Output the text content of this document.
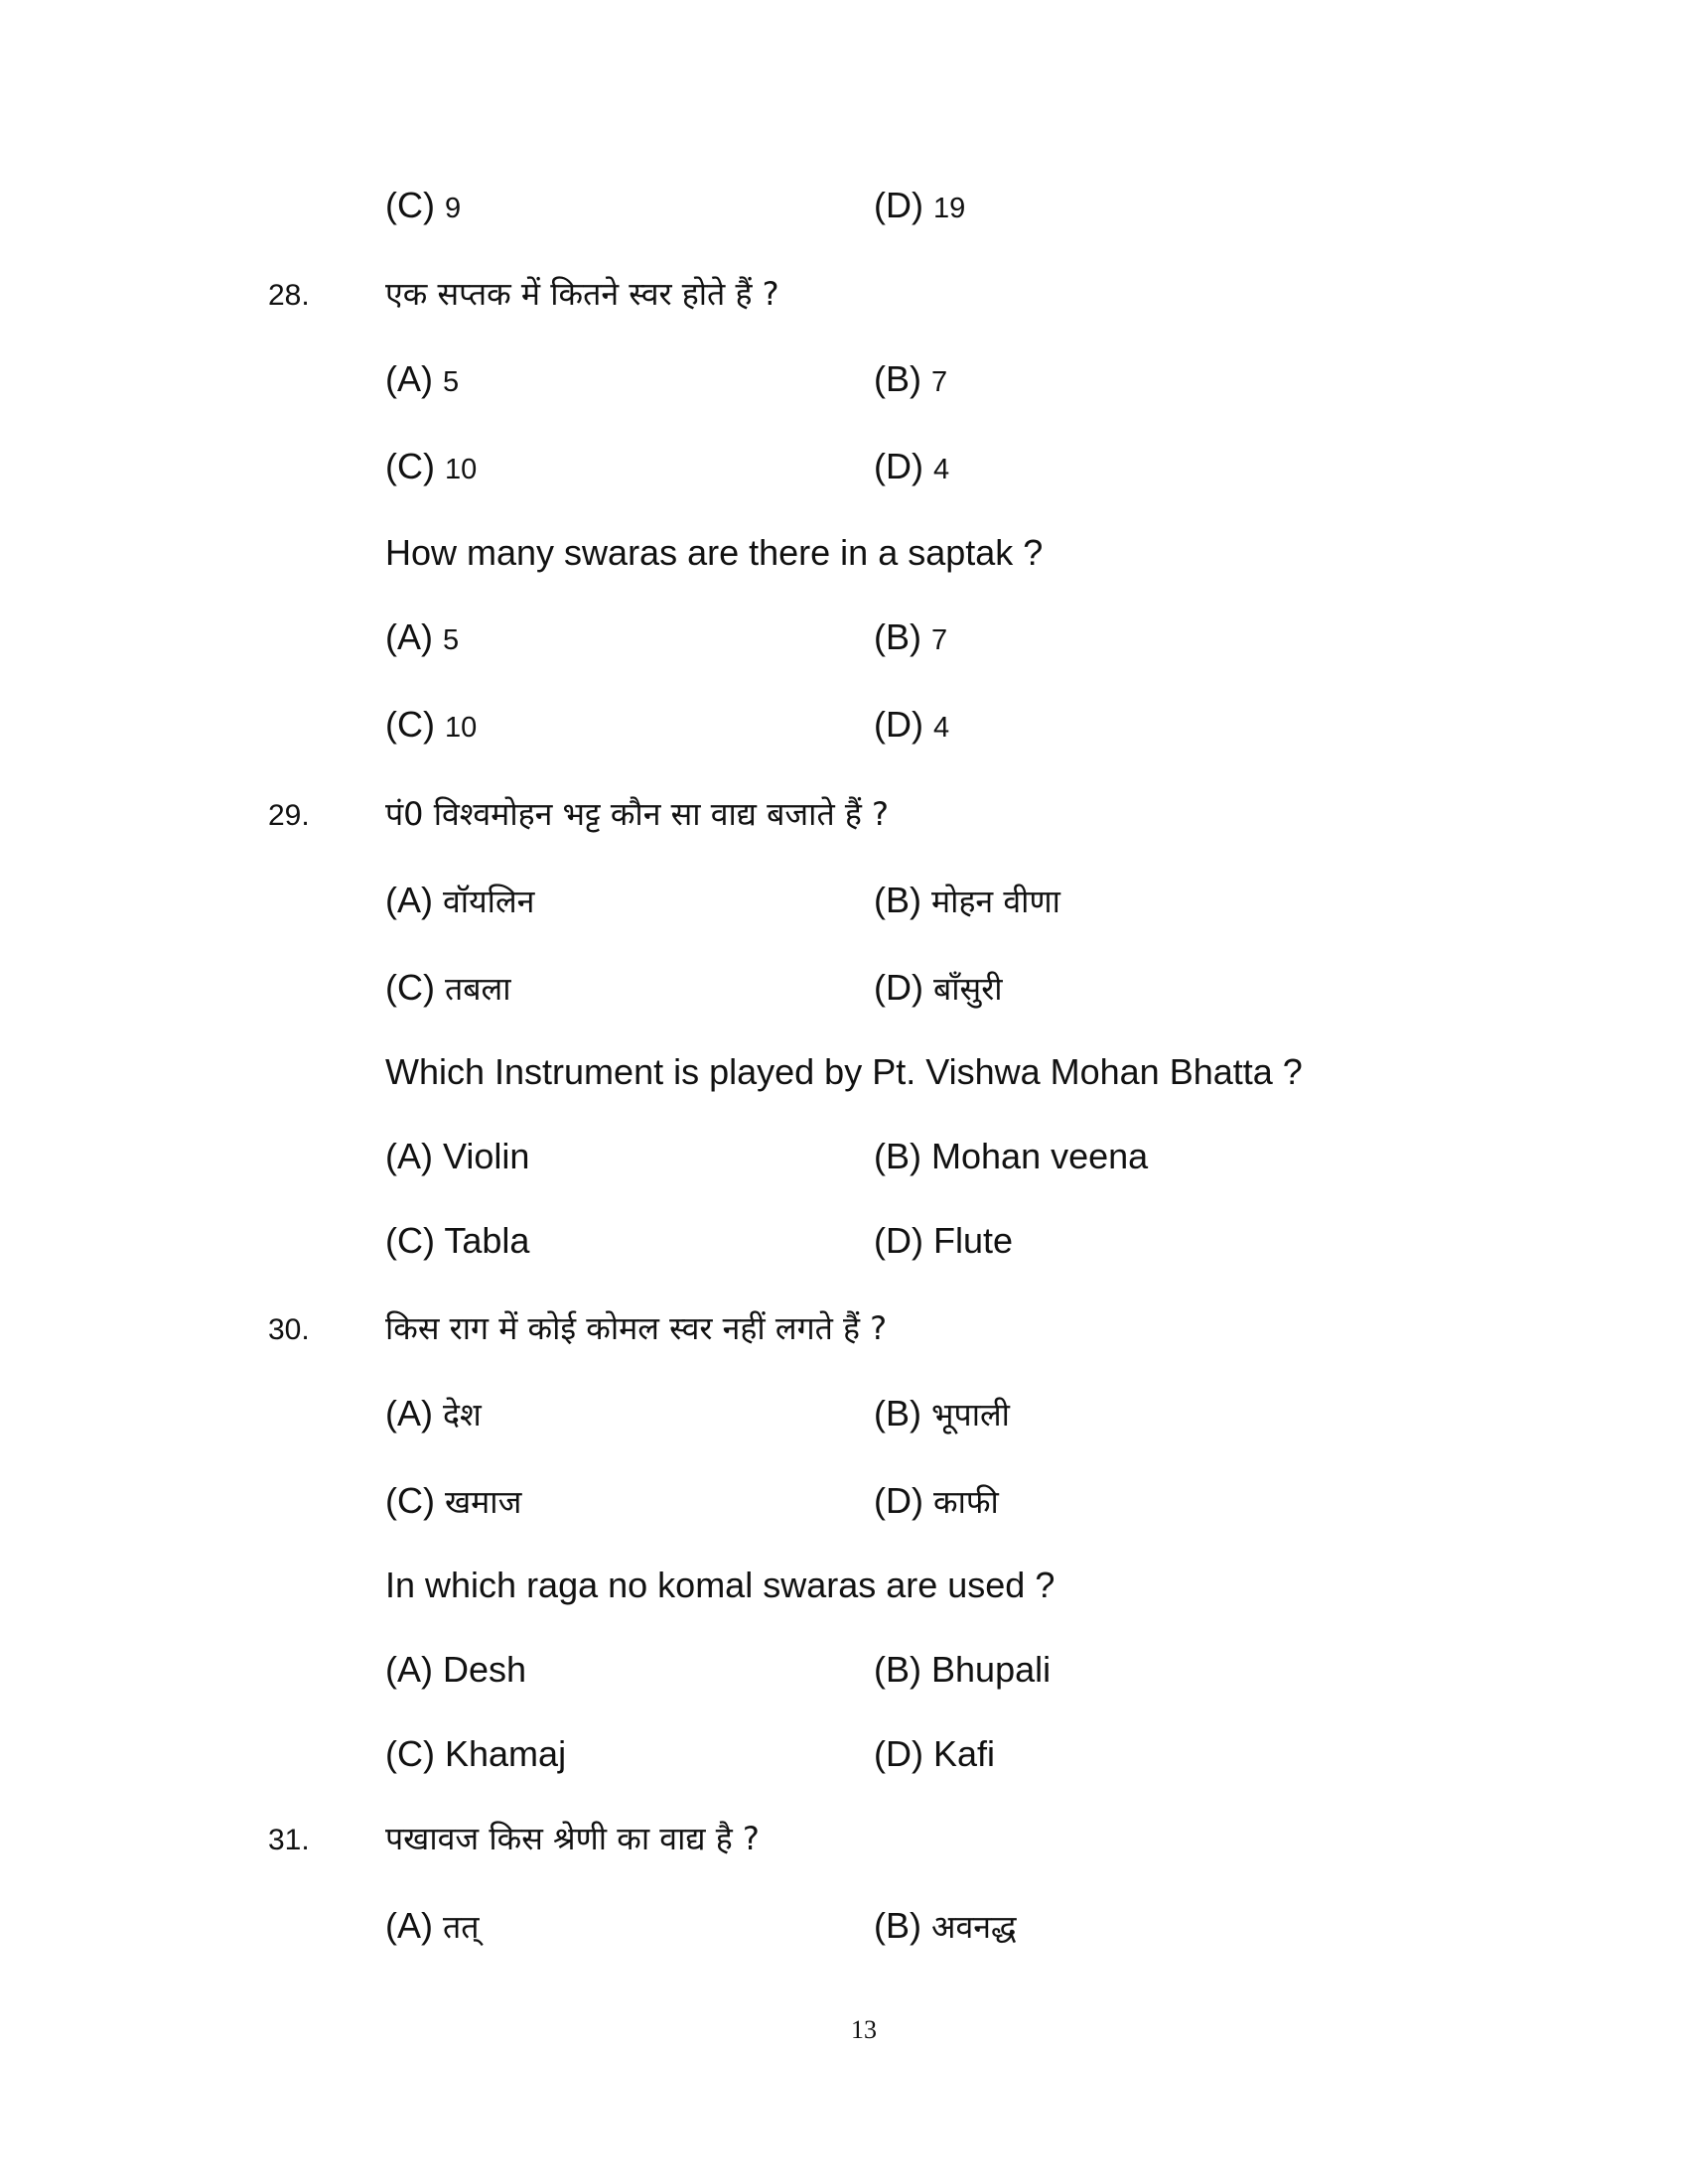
(C) 9	(D) 19
28. एक सप्तक में कितने स्वर होते हैं ?
(A) 5	(B) 7
(C) 10	(D) 4
How many swaras are there in a saptak ?
(A) 5	(B) 7
(C) 10	(D) 4
29. पं0 विश्वमोहन भट्ट कौन सा वाद्य बजाते हैं ?
(A) वॉयलिन	(B) मोहन वीणा
(C) तबला	(D) बाँसुरी
Which Instrument is played by Pt. Vishwa Mohan Bhatta ?
(A) Violin	(B) Mohan veena
(C) Tabla	(D) Flute
30. किस राग में कोई कोमल स्वर नहीं लगते हैं ?
(A) देश	(B) भूपाली
(C) खमाज	(D) काफी
In which raga no komal swaras are used ?
(A) Desh	(B) Bhupali
(C) Khamaj	(D) Kafi
31. पखावज किस श्रेणी का वाद्य है ?
(A) तत्	(B) अवनद्ध
13
